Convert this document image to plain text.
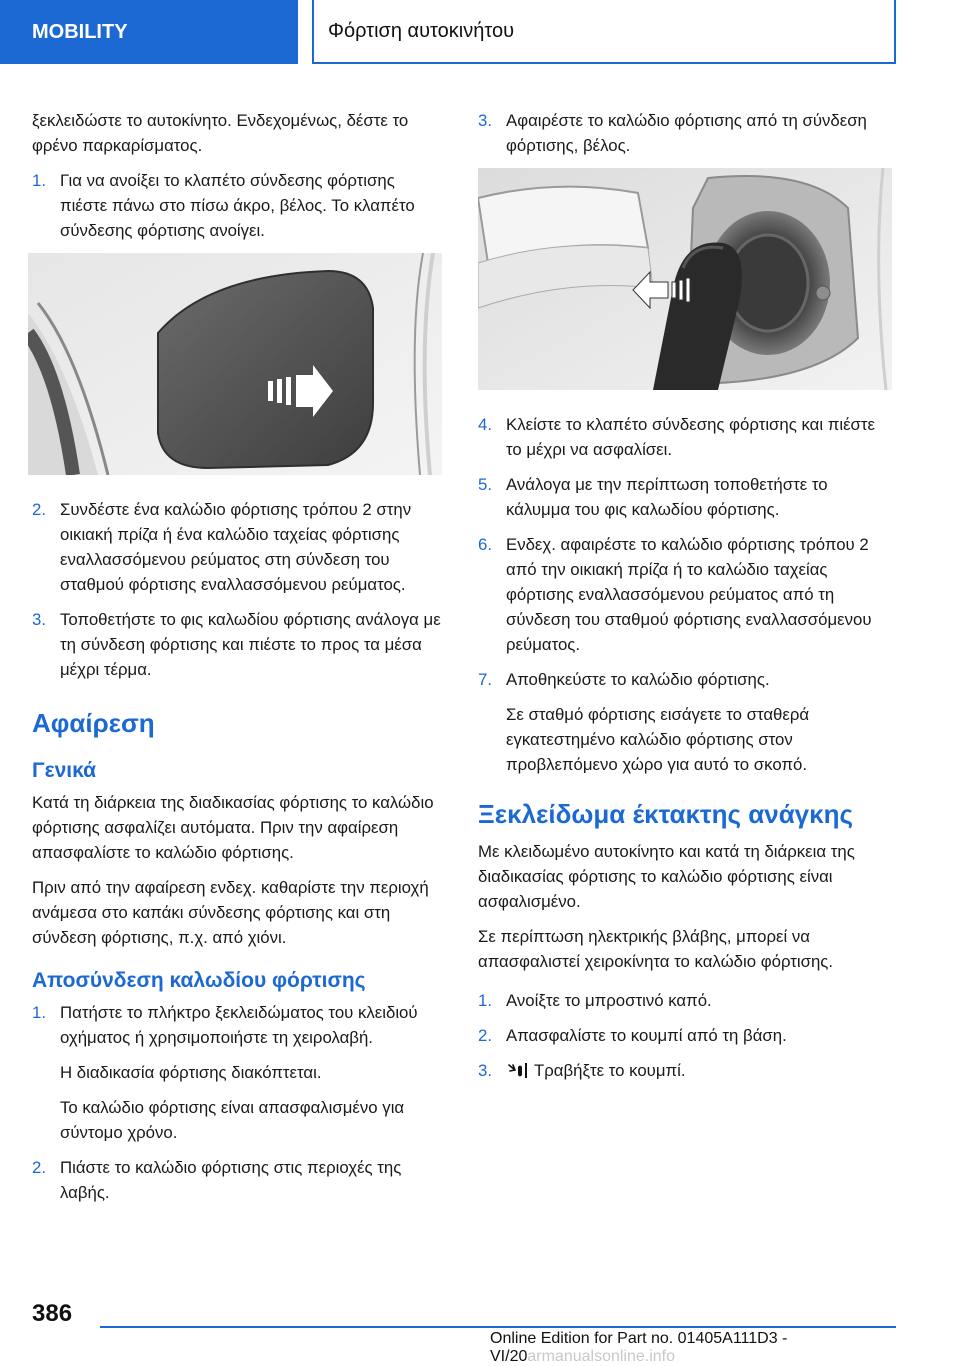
MOBILITY	Φόρτιση αυτοκινήτου

ξεκλειδώστε το αυτοκίνητο. Ενδεχομένως, δέστε το φρένο παρκαρίσματος.

1. Για να ανοίξει το κλαπέτο σύνδεσης φόρτισης πιέστε πάνω στο πίσω άκρο, βέλος. Το κλαπέτο σύνδεσης φόρτισης ανοίγει.
2. Συνδέστε ένα καλώδιο φόρτισης τρόπου 2 στην οικιακή πρίζα ή ένα καλώδιο ταχείας φόρτισης εναλλασσόμενου ρεύματος στη σύνδεση του σταθμού φόρτισης εναλλασσόμενου ρεύματος.
3. Τοποθετήστε το φις καλωδίου φόρτισης ανάλογα με τη σύνδεση φόρτισης και πιέστε το προς τα μέσα μέχρι τέρμα.
Αφαίρεση
Γενικά

Κατά τη διάρκεια της διαδικασίας φόρτισης το καλώδιο φόρτισης ασφαλίζει αυτόματα. Πριν την αφαίρεση απασφαλίστε το καλώδιο φόρτισης.

Πριν από την αφαίρεση ενδεχ. καθαρίστε την περιοχή ανάμεσα στο καπάκι σύνδεσης φόρτισης και στη σύνδεση φόρτισης, π.χ. από χιόνι.

Αποσύνδεση καλωδίου φόρτισης
1. Πατήστε το πλήκτρο ξεκλειδώματος του κλειδιού οχήματος ή χρησιμοποιήστε τη χειρολαβή.

Η διαδικασία φόρτισης διακόπτεται.

Το καλώδιο φόρτισης είναι απασφαλισμένο για σύντομο χρόνο.

2. Πιάστε το καλώδιο φόρτισης στις περιοχές της λαβής.
3. Αφαιρέστε το καλώδιο φόρτισης από τη σύνδεση φόρτισης, βέλος.
4. Κλείστε το κλαπέτο σύνδεσης φόρτισης και πιέστε το μέχρι να ασφαλίσει.
5. Ανάλογα με την περίπτωση τοποθετήστε το κάλυμμα του φις καλωδίου φόρτισης.
6. Ενδεχ. αφαιρέστε το καλώδιο φόρτισης τρόπου 2 από την οικιακή πρίζα ή το καλώδιο ταχείας φόρτισης εναλλασσόμενου ρεύματος από τη σύνδεση του σταθμού φόρτισης εναλλασσόμενου ρεύματος.
7. Αποθηκεύστε το καλώδιο φόρτισης.

Σε σταθμό φόρτισης εισάγετε το σταθερά εγκατεστημένο καλώδιο φόρτισης στον προβλεπόμενο χώρο για αυτό το σκοπό.

Ξεκλείδωμα έκτακτης ανάγκης

Με κλειδωμένο αυτοκίνητο και κατά τη διάρκεια της διαδικασίας φόρτισης το καλώδιο φόρτισης είναι ασφαλισμένο.

Σε περίπτωση ηλεκτρικής βλάβης, μπορεί να απασφαλιστεί χειροκίνητα το καλώδιο φόρτισης.

1. Ανοίξτε το μπροστινό καπό.
2. Απασφαλίστε το κουμπί από τη βάση.
3.	Τραβήξτε το κουμπί.
386
Online Edition for Part no. 01405A111D3 - VI/20armanualsonline.info
